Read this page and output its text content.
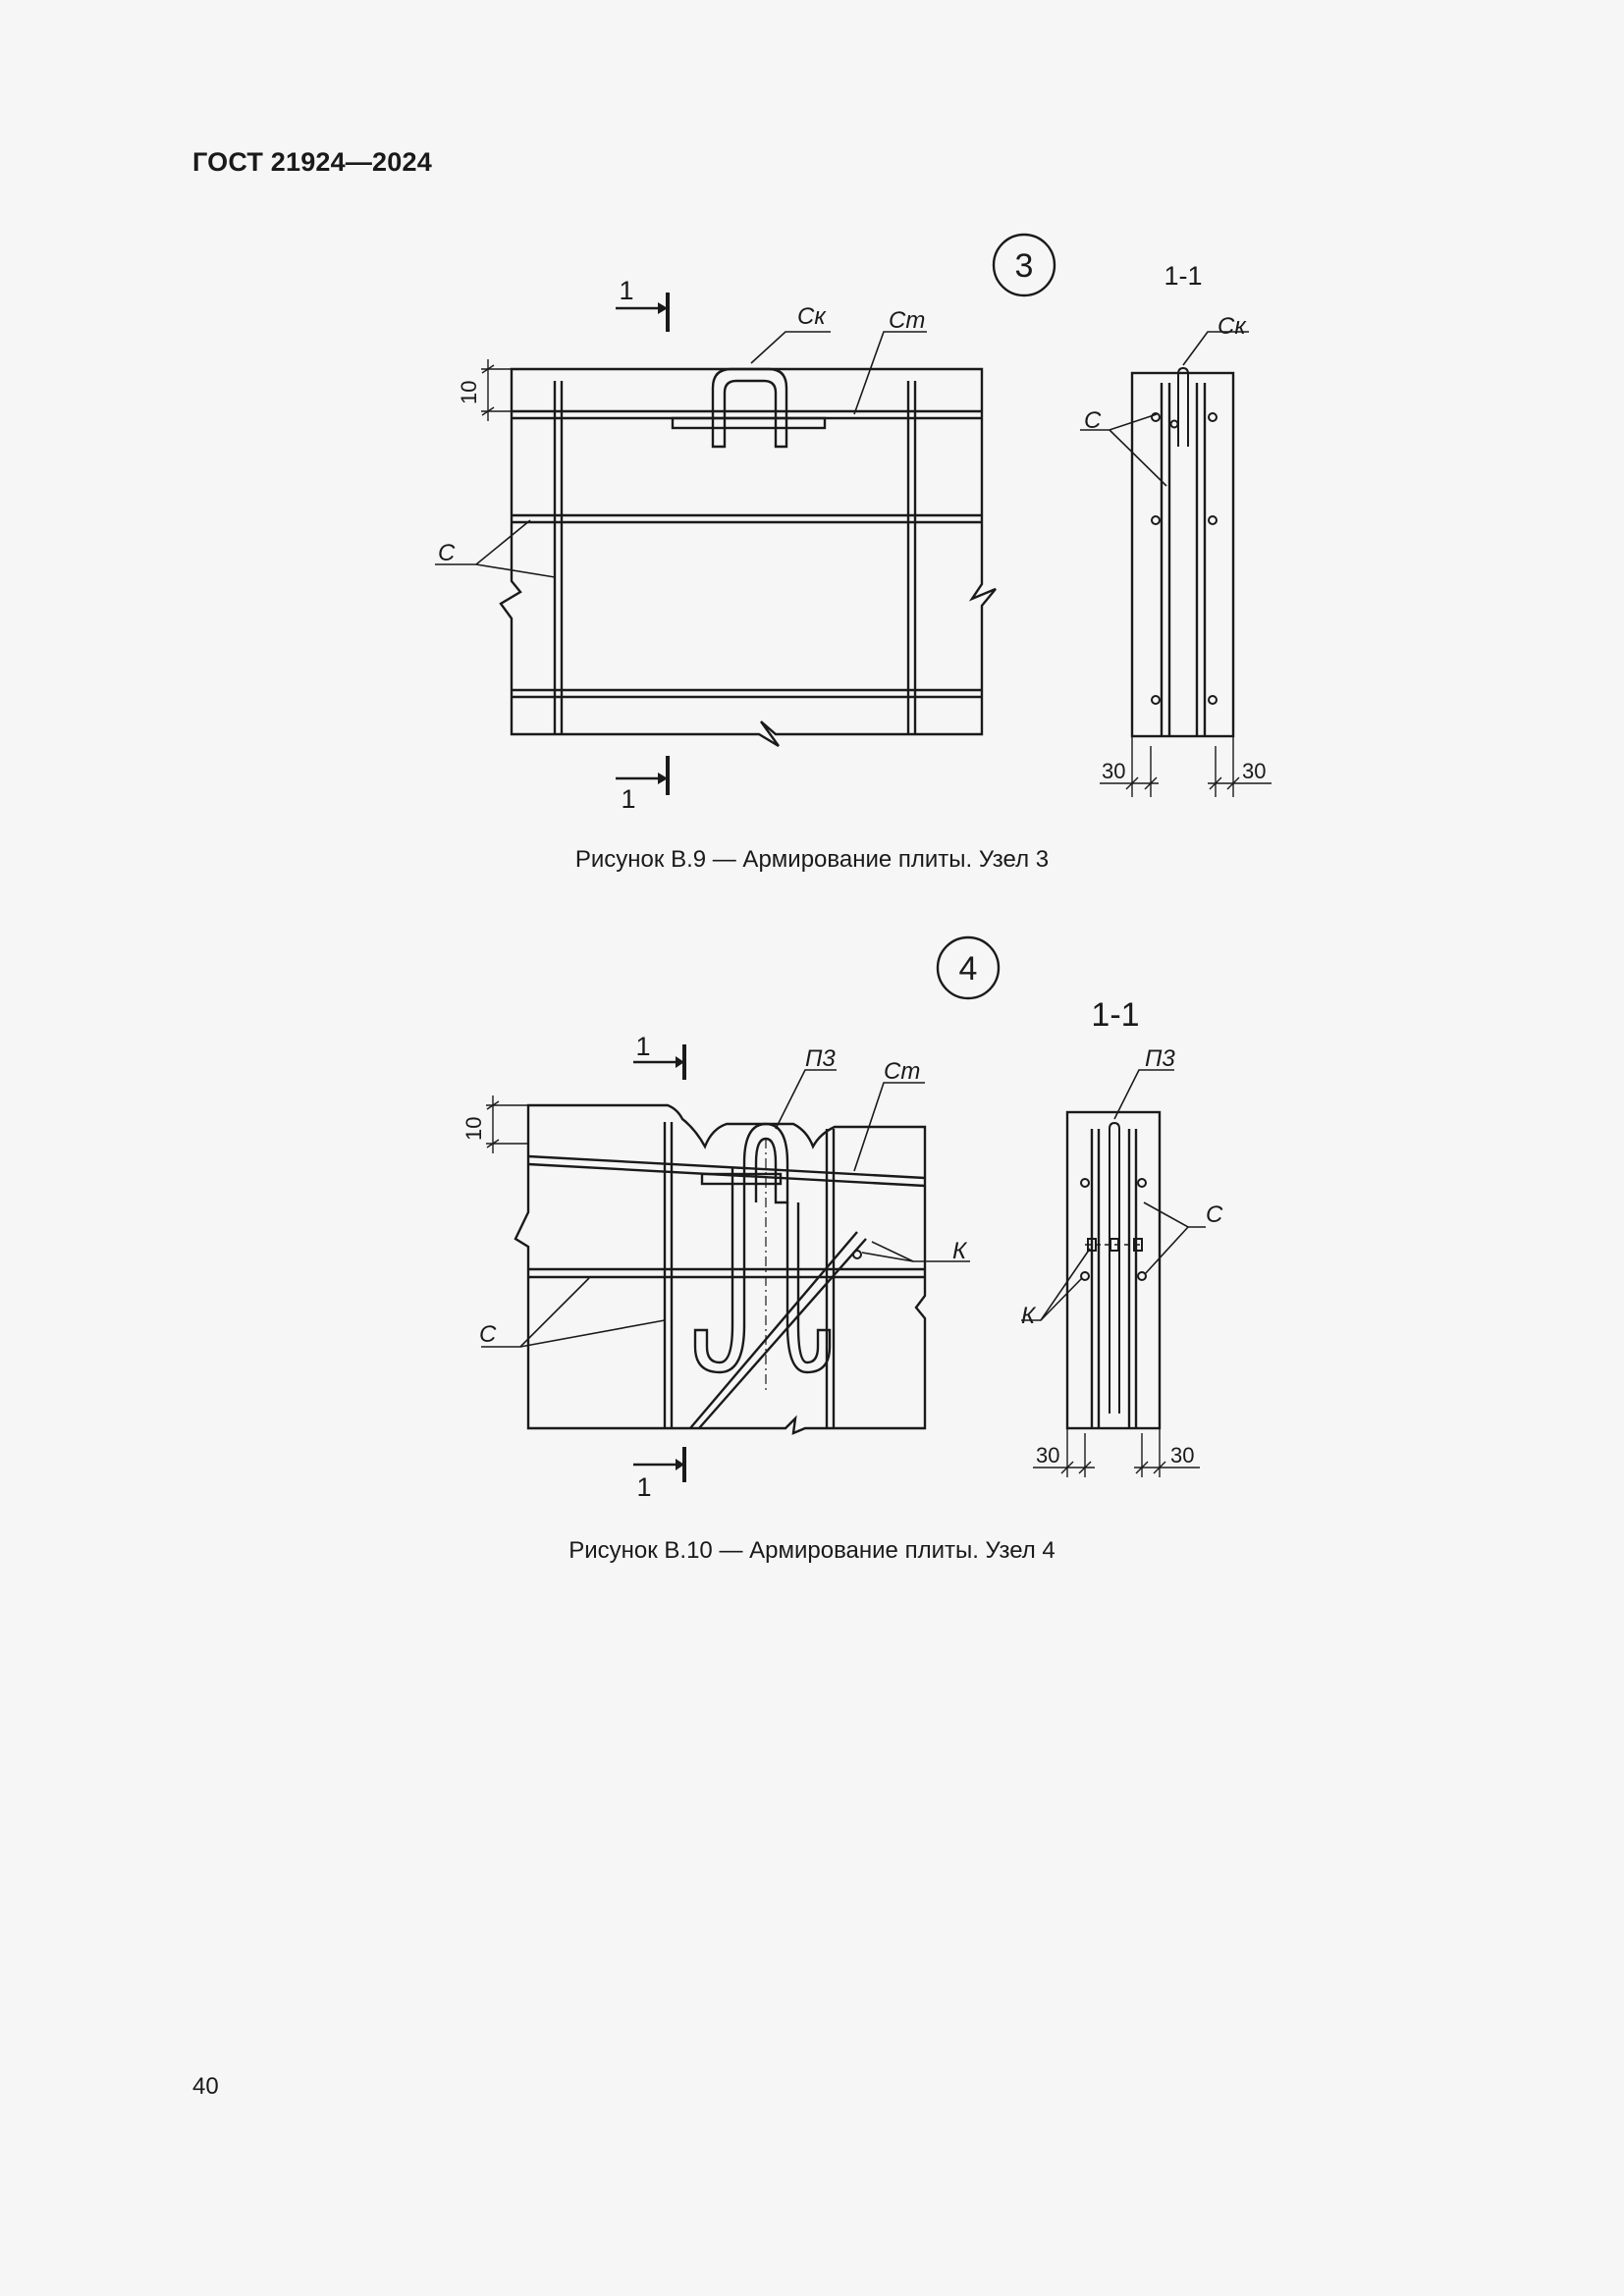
ГОСТ 21924—2024
3	1-1
1
1
Ск	Ст
С
Ск
С
10
30	30
Рисунок В.9 — Армирование плиты. Узел 3
4
1-1
1
1
П3 Ст
К
С
П3
С
К
10
30	30
Рисунок В.10 — Армирование плиты. Узел 4
40
